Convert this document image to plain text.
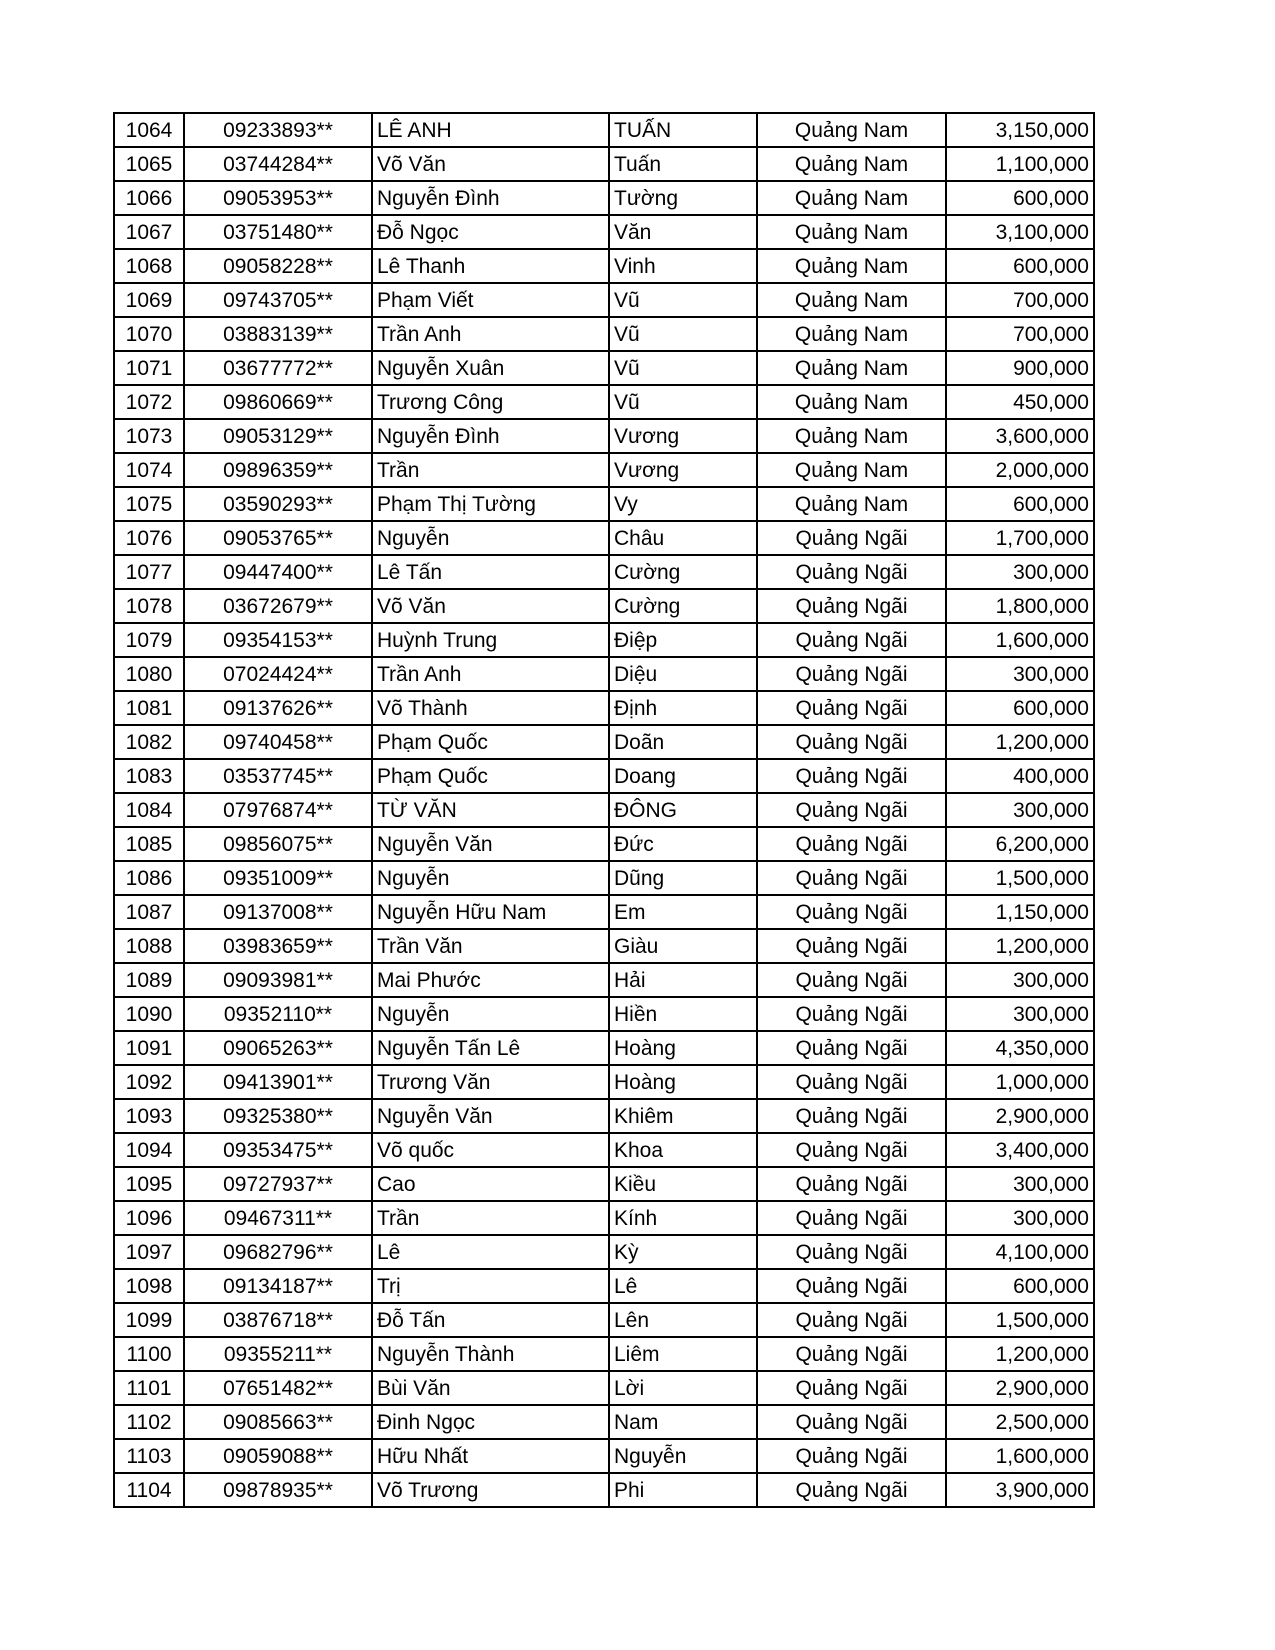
1064	09233893**	LÊ ANH	TUẤN	Quảng Nam	3,150,000
1065	03744284**	Võ Văn	Tuấn	Quảng Nam	1,100,000
1066	09053953**	Nguyễn Đình	Tường	Quảng Nam	600,000
1067	03751480**	Đỗ Ngọc	Văn	Quảng Nam	3,100,000
1068	09058228**	Lê Thanh	Vinh	Quảng Nam	600,000
1069	09743705**	Phạm Viết	Vũ	Quảng Nam	700,000
1070	03883139**	Trần Anh	Vũ	Quảng Nam	700,000
1071	03677772**	Nguyễn Xuân	Vũ	Quảng Nam	900,000
1072	09860669**	Trương Công	Vũ	Quảng Nam	450,000
1073	09053129**	Nguyễn Đình	Vương	Quảng Nam	3,600,000
1074	09896359**	Trần	Vương	Quảng Nam	2,000,000
1075	03590293**	Phạm Thị Tường	Vy	Quảng Nam	600,000
1076	09053765**	Nguyễn	Châu	Quảng Ngãi	1,700,000
1077	09447400**	Lê Tấn	Cường	Quảng Ngãi	300,000
1078	03672679**	Võ Văn	Cường	Quảng Ngãi	1,800,000
1079	09354153**	Huỳnh Trung	Điệp	Quảng Ngãi	1,600,000
1080	07024424**	Trần Anh	Diệu	Quảng Ngãi	300,000
1081	09137626**	Võ Thành	Định	Quảng Ngãi	600,000
1082	09740458**	Phạm Quốc	Doãn	Quảng Ngãi	1,200,000
1083	03537745**	Phạm Quốc	Doang	Quảng Ngãi	400,000
1084	07976874**	TỪ VĂN	ĐÔNG	Quảng Ngãi	300,000
1085	09856075**	Nguyễn Văn	Đức	Quảng Ngãi	6,200,000
1086	09351009**	Nguyễn	Dũng	Quảng Ngãi	1,500,000
1087	09137008**	Nguyễn Hữu Nam	Em	Quảng Ngãi	1,150,000
1088	03983659**	Trần Văn	Giàu	Quảng Ngãi	1,200,000
1089	09093981**	Mai Phước	Hải	Quảng Ngãi	300,000
1090	09352110**	Nguyễn	Hiền	Quảng Ngãi	300,000
1091	09065263**	Nguyễn Tấn Lê	Hoàng	Quảng Ngãi	4,350,000
1092	09413901**	Trương Văn	Hoàng	Quảng Ngãi	1,000,000
1093	09325380**	Nguyễn Văn	Khiêm	Quảng Ngãi	2,900,000
1094	09353475**	Võ quốc	Khoa	Quảng Ngãi	3,400,000
1095	09727937**	Cao	Kiều	Quảng Ngãi	300,000
1096	09467311**	Trần	Kính	Quảng Ngãi	300,000
1097	09682796**	Lê	Kỳ	Quảng Ngãi	4,100,000
1098	09134187**	Trị	Lê	Quảng Ngãi	600,000
1099	03876718**	Đỗ Tấn	Lên	Quảng Ngãi	1,500,000
1100	09355211**	Nguyễn Thành	Liêm	Quảng Ngãi	1,200,000
1101	07651482**	Bùi Văn	Lời	Quảng Ngãi	2,900,000
1102	09085663**	Đinh Ngọc	Nam	Quảng Ngãi	2,500,000
1103	09059088**	Hữu Nhất	Nguyễn	Quảng Ngãi	1,600,000
1104	09878935**	Võ Trương	Phi	Quảng Ngãi	3,900,000
